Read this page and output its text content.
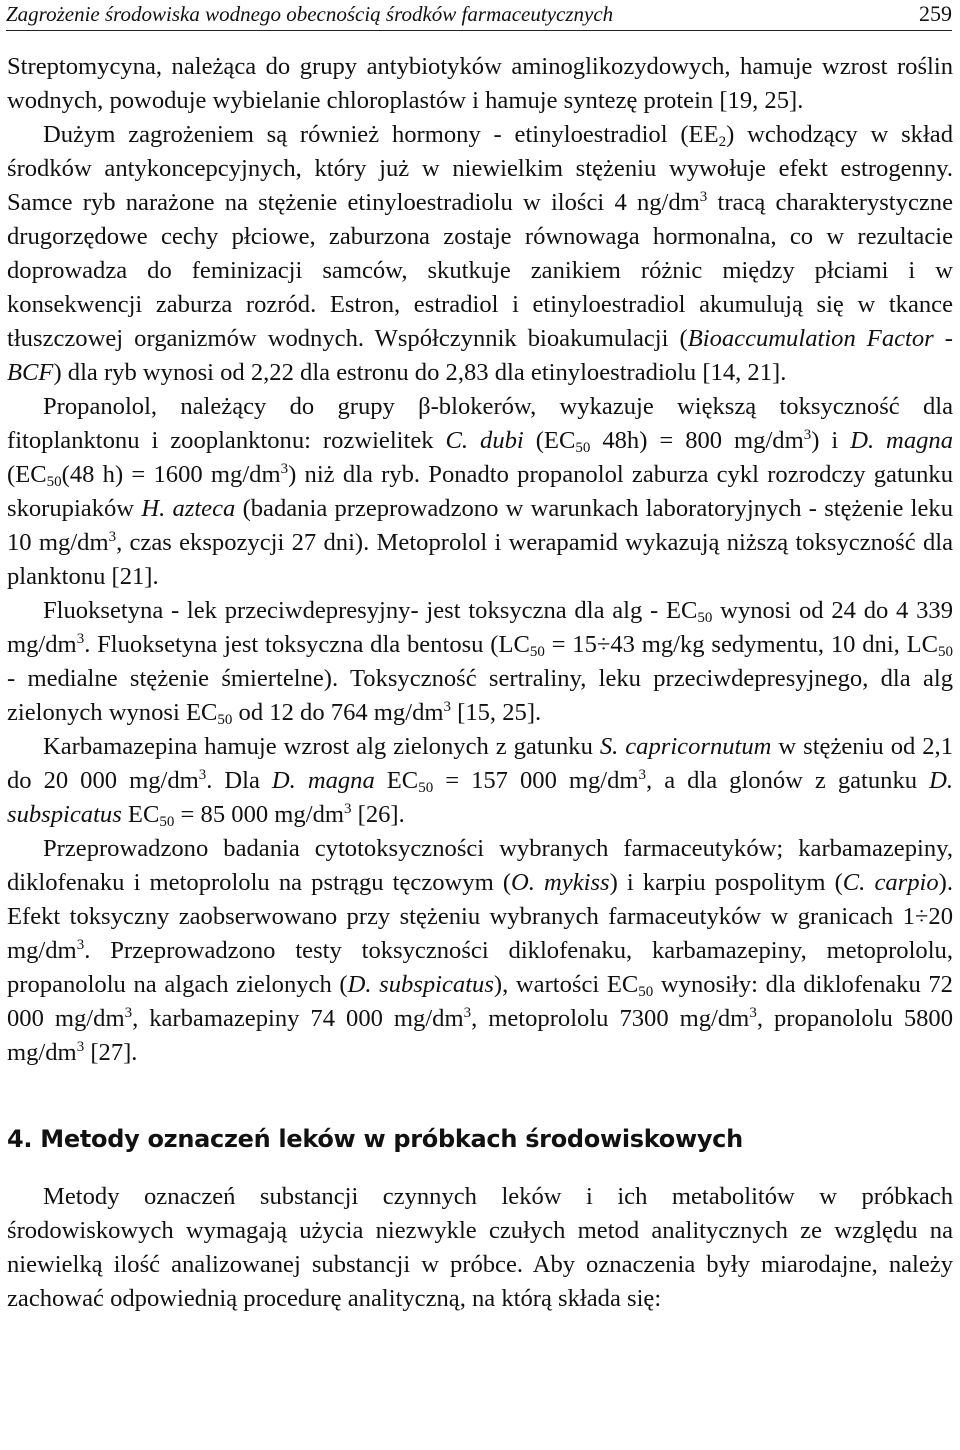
Zagrożenie środowiska wodnego obecnością środków farmaceutycznych	259

Streptomycyna, należąca do grupy antybiotyków aminoglikozydowych, hamuje wzrost roślin wodnych, powoduje wybielanie chloroplastów i hamuje syntezę protein [19, 25].

Dużym zagrożeniem są również hormony - etinyloestradiol $(EE_2)$ wchodzący w skład środków antykoncepcyjnych, który już w niewielkim stężeniu wywołuje efekt estrogenny. Samce ryb narażone na stężenie etinyloestradiolu w ilości 4 $ng/dm^3$ tracą charakterystyczne drugorzędowe cechy płciowe, zaburzona zostaje równowaga hormonalna, co w rezultacie doprowadza do feminizacji samców, skutkuje zanikiem różnic między płciami i w konsekwencji zaburza rozród. Estron, estradiol i etinyloestradiol akumulują się w tkance tłuszczowej organizmów wodnych. Współczynnik bioakumulacji (Bioaccumulation Factor - BCF) dla ryb wynosi od 2,22 dla estronu do 2,83 dla etinyloestradiolu [14, 21].

Propanolol, należący do grupy β-blokerów, wykazuje większą toksyczność dla fitoplanktonu i zooplanktonu: rozwielitek C. dubi ($EC_{50}$ 48h) = 800 $mg/dm^3$) i D. magna ($EC_{50}(48$ h) = 1600 $mg/dm^3$) niż dla ryb. Ponadto propanolol zaburza cykl rozrodczy gatunku skorupiaków H. azteca (badania przeprowadzono w warunkach laboratoryjnych - stężenie leku 10 $mg/dm^3$, czas ekspozycji 27 dni). Metoprolol i werapamid wykazują niższą toksyczność dla planktonu [21].

Fluoksetyna - lek przeciwdepresyjny- jest toksyczna dla alg - $EC_{50}$ wynosi od 24 do 4 339 $mg/dm^3$. Fluoksetyna jest toksyczna dla bentosu ($LC_{50} = 15\div 43$ mg/kg sedymentu, 10 dni, $LC_{50}$ - medialne stężenie śmiertelne). Toksyczność sertraliny, leku przeciwdepresyjnego, dla alg zielonych wynosi $EC_{50}$ od 12 do 764 $mg/dm^3$ [15, 25].

Karbamazepina hamuje wzrost alg zielonych z gatunku S. capricornutum w stężeniu od 2,1 do 20 000 $mg/dm^3$. Dla D. magna $EC_{50} = 157$ 000 $mg/dm^3$, a dla glonów z gatunku D. subspicatus $EC_{50} = 85$ 000 $mg/dm^3$ [26].

Przeprowadzono badania cytotoksyczności wybranych farmaceutyków; karbamazepiny, diklofenaku i metoprololu na pstrągu tęczowym (O. mykiss) i karpiu pospolitym (C. carpio). Efekt toksyczny zaobserwowano przy stężeniu wybranych farmaceutyków w granicach 1÷20 $mg/dm^3$. Przeprowadzono testy toksyczności diklofenaku, karbamazepiny, metoprololu, propanololu na algach zielonych (D. subspicatus), wartości $EC_{50}$ wynosiły: dla diklofenaku 72 000 $mg/dm^3$, karbamazepiny 74 000 $mg/dm^3$, metoprololu 7300 $mg/dm^3$, propanololu 5800 $mg/dm^3$ [27].

4. Metody oznaczeń leków w próbkach środowiskowych

Metody oznaczeń substancji czynnych leków i ich metabolitów w próbkach środowiskowych wymagają użycia niezwykle czułych metod analitycznych ze względu na niewielką ilość analizowanej substancji w próbce. Aby oznaczenia były miarodajne, należy zachować odpowiednią procedurę analityczną, na którą składa się:
